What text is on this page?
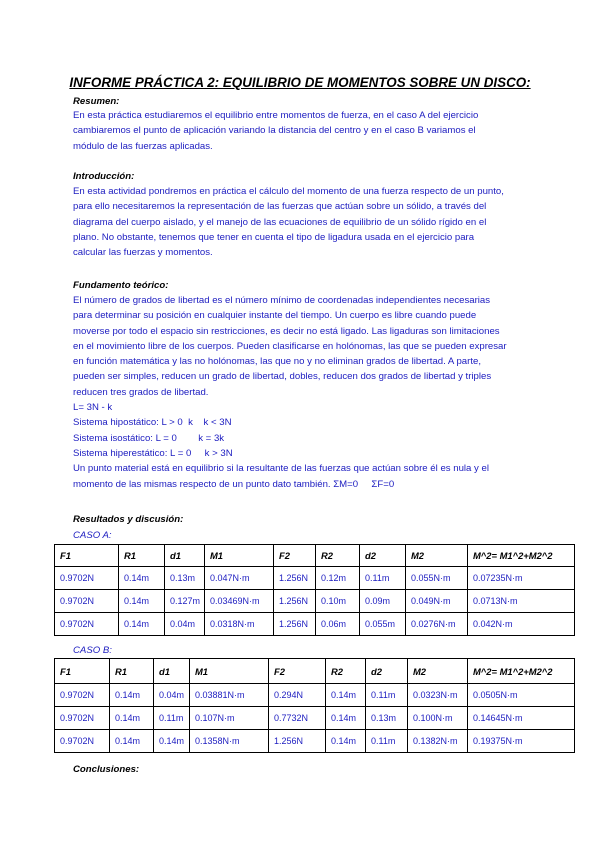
INFORME PRÁCTICA 2: EQUILIBRIO DE MOMENTOS SOBRE UN DISCO:
Resumen:
En esta práctica estudiaremos el equilibrio entre momentos de fuerza, en el caso A del ejercicio
cambiaremos el punto de aplicación variando la distancia del centro y en el caso B variamos el
módulo de las fuerzas aplicadas.
Introducción:
En esta actividad pondremos en práctica el cálculo del momento de una fuerza respecto de un punto,
para ello necesitaremos la representación de las fuerzas que actúan sobre un sólido, a través del
diagrama del cuerpo aislado, y el manejo de las ecuaciones de equilibrio de un sólido rígido en el
plano. No obstante, tenemos que tener en cuenta el tipo de ligadura usada en el ejercicio para
calcular las fuerzas y momentos.
Fundamento teórico:
El número de grados de libertad es el número mínimo de coordenadas independientes necesarias
para determinar su posición en cualquier instante del tiempo. Un cuerpo es libre cuando puede
moverse por todo el espacio sin restricciones, es decir no está ligado. Las ligaduras son limitaciones
en el movimiento libre de los cuerpos. Pueden clasificarse en holónomas, las que se pueden expresar
en función matemática y las no holónomas, las que no y no eliminan grados de libertad. A parte,
pueden ser simples, reducen un grado de libertad, dobles, reducen dos grados de libertad y triples
reducen tres grados de libertad.
L= 3N - k
Sistema hipostático: L > 0  k    k < 3N
Sistema isostático: L = 0        k = 3k
Sistema hiperestático: L = 0     k > 3N
Un punto material está en equilibrio si la resultante de las fuerzas que actúan sobre él es nula y el
momento de las mismas respecto de un punto dato también. ΣM=0     ΣF=0
Resultados y discusión:
CASO A:
F1	R1	d1	M1	F2	R2	d2	M2	M^2= M1^2+M2^2
0.9702N	0.14m	0.13m	0.047N·m	1.256N	0.12m	0.11m	0.055N·m	0.07235N·m
0.9702N	0.14m	0.127m	0.03469N·m	1.256N	0.10m	0.09m	0.049N·m	0.0713N·m
0.9702N	0.14m	0.04m	0.0318N·m	1.256N	0.06m	0.055m	0.0276N·m	0.042N·m
CASO B:
F1	R1	d1	M1	F2	R2	d2	M2	M^2= M1^2+M2^2
0.9702N	0.14m	0.04m	0.03881N·m	0.294N	0.14m	0.11m	0.0323N·m	0.0505N·m
0.9702N	0.14m	0.11m	0.107N·m	0.7732N	0.14m	0.13m	0.100N·m	0.14645N·m
0.9702N	0.14m	0.14m	0.1358N·m	1.256N	0.14m	0.11m	0.1382N·m	0.19375N·m
Conclusiones:
